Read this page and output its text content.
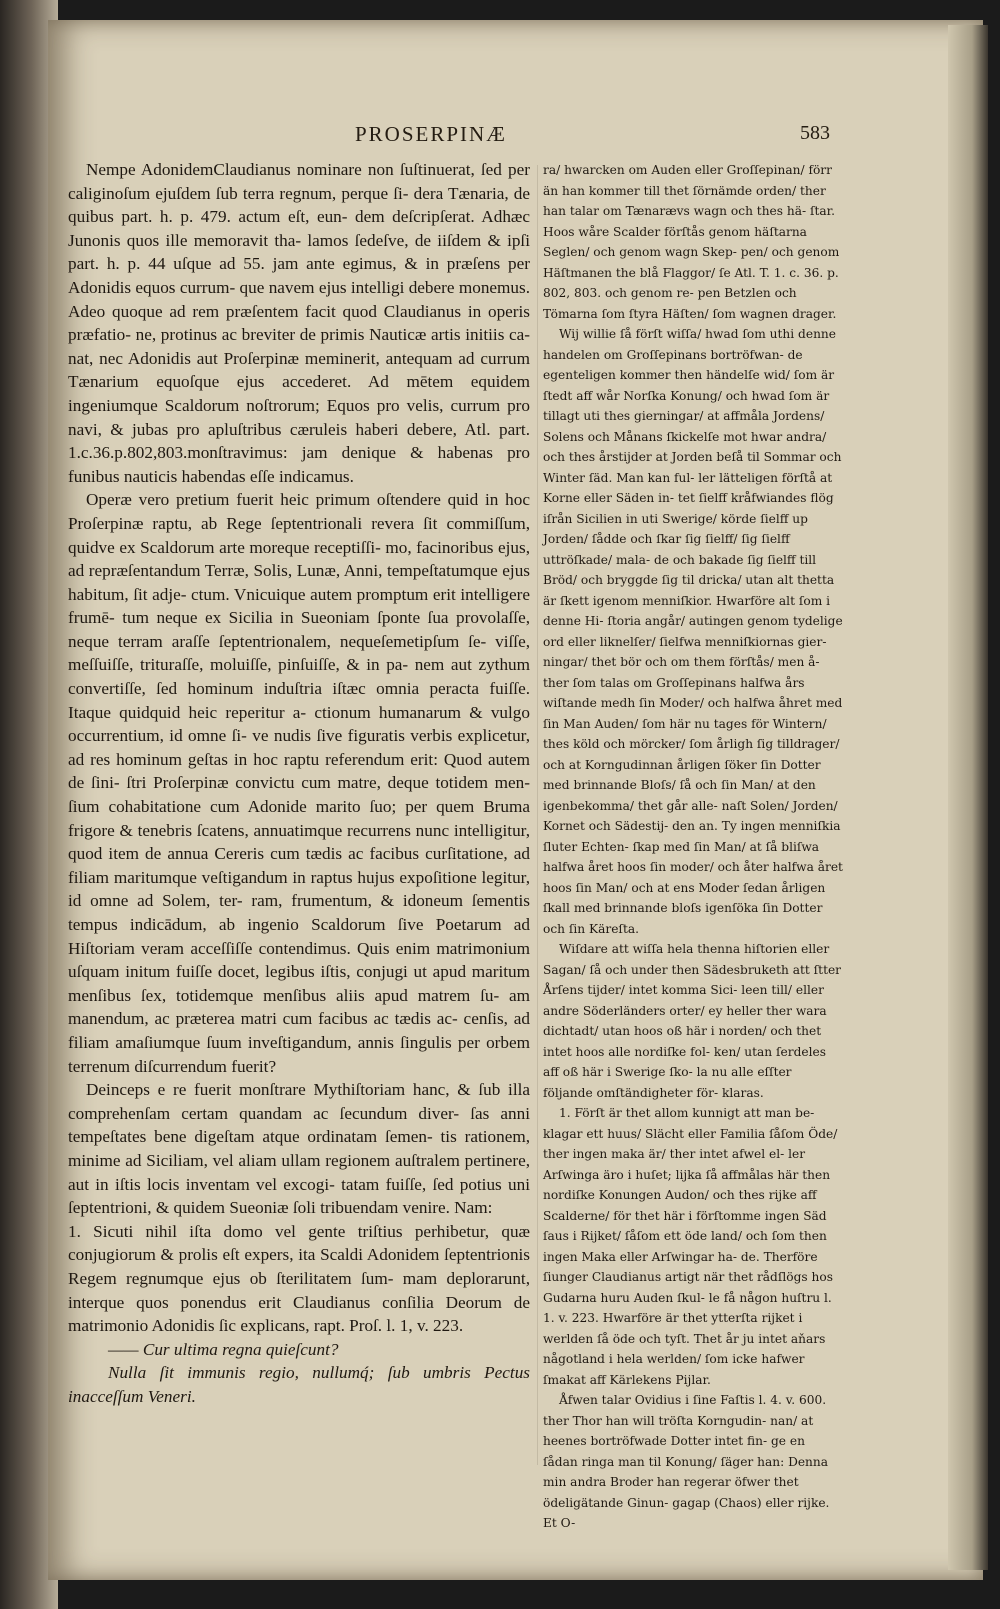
PROSERPINÆ	583

Nempe AdonidemClaudianus nominare non ſuſtinuerat, ſed per caliginoſum ejuſdem ſub terra regnum, perque ſi- dera Tænaria, de quibus part. h. p. 479. actum eſt, eun- dem deſcripſerat. Adhæc Junonis quos ille memoravit tha- lamos ſedeſve, de iiſdem & ipſi part. h. p. 44 uſque ad 55. jam ante egimus, & in præſens per Adonidis equos currum- que navem ejus intelligi debere monemus. Adeo quoque ad rem præſentem facit quod Claudianus in operis præfatio- ne, protinus ac breviter de primis Nauticæ artis initiis ca- nat, nec Adonidis aut Proſerpinæ meminerit, antequam ad currum Tænarium equoſque ejus accederet. Ad mētem equidem ingeniumque Scaldorum noſtrorum; Equos pro velis, currum pro navi, & jubas pro apluſtribus cæruleis haberi debere, Atl. part. 1.c.36.p.802,803.monſtravimus: jam denique & habenas pro funibus nauticis habendas eſſe indicamus.

Operæ vero pretium fuerit heic primum oſtendere quid in hoc Proſerpinæ raptu, ab Rege ſeptentrionali revera ſit commiſſum, quidve ex Scaldorum arte moreque receptiſſi- mo, facinoribus ejus, ad repræſentandum Terræ, Solis, Lunæ, Anni, tempeſtatumque ejus habitum, ſit adje- ctum. Vnicuique autem promptum erit intelligere frumē- tum neque ex Sicilia in Sueoniam ſponte ſua provolaſſe, neque terram araſſe ſeptentrionalem, nequeſemetipſum ſe- viſſe, meſſuiſſe, trituraſſe, moluiſſe, pinſuiſſe, & in pa- nem aut zythum convertiſſe, ſed hominum induſtria iſtæc omnia peracta fuiſſe. Itaque quidquid heic reperitur a- ctionum humanarum & vulgo occurrentium, id omne ſi- ve nudis ſive figuratis verbis explicetur, ad res hominum geſtas in hoc raptu referendum erit: Quod autem de ſini- ſtri Proſerpinæ convictu cum matre, deque totidem men- ſium cohabitatione cum Adonide marito ſuo; per quem Bruma frigore & tenebris ſcatens, annuatimque recurrens nunc intelligitur, quod item de annua Cereris cum tædis ac facibus curſitatione, ad filiam maritumque veſtigandum in raptus hujus expoſitione legitur, id omne ad Solem, ter- ram, frumentum, & idoneum ſementis tempus indicādum, ab ingenio Scaldorum ſive Poetarum ad Hiſtoriam veram acceſſiſſe contendimus. Quis enim matrimonium uſquam initum fuiſſe docet, legibus iſtis, conjugi ut apud maritum menſibus ſex, totidemque menſibus aliis apud matrem ſu- am manendum, ac præterea matri cum facibus ac tædis ac- cenſis, ad filiam amaſiumque ſuum inveſtigandum, annis ſingulis per orbem terrenum diſcurrendum fuerit?

Deinceps e re fuerit monſtrare Mythiſtoriam hanc, & ſub illa comprehenſam certam quandam ac ſecundum diver- ſas anni tempeſtates bene digeſtam atque ordinatam ſemen- tis rationem, minime ad Siciliam, vel aliam ullam regionem auſtralem pertinere, aut in iſtis locis inventam vel excogi- tatam fuiſſe, ſed potius uni ſeptentrioni, & quidem Sueoniæ ſoli tribuendam venire. Nam:

1. Sicuti nihil iſta domo vel gente triſtius perhibetur, quæ conjugiorum & prolis eſt expers, ita Scaldi Adonidem ſeptentrionis Regem regnumque ejus ob ſterilitatem ſum- mam deplorarunt, interque quos ponendus erit Claudianus conſilia Deorum de matrimonio Adonidis ſic explicans, rapt. Proſ. l. 1, v. 223.

—— Cur ultima regna quieſcunt?

Nulla ſit immunis regio, nullumq́; ſub umbris Pectus inacceſſum Veneri.

ra/ hwarcken om Auden eller Groſſepinan/ förr än han kommer till thet ſörnämde orden/ ther han talar om Tænarævs wagn och thes hä- ſtar. Hoos wåre Scalder förſtås genom häſtarna Seglen/ och genom wagn Skep- pen/ och genom Häſtmanen the blå Flaggor/ ſe Atl. T. 1. c. 36. p. 802, 803. och genom re- pen Betzlen och Tömarna ſom ſtyra Häſten/ ſom wagnen drager.

Wij willie ſå förſt wiſſa/ hwad ſom uthi denne handelen om Groſſepinans bortröfwan- de egenteligen kommer then händelſe wid/ ſom är ſtedt aff wår Norſka Konung/ och hwad ſom är tillagt uti thes gierningar/ at affmåla Jordens/ Solens och Månans ſkickelſe mot hwar andra/ och thes årstijder at Jorden beſå til Sommar och Winter ſäd. Man kan ful- ler lätteligen förſtå at Korne eller Säden in- tet ſielff kråfwiandes flög iſrån Sicilien in uti Swerige/ körde ſielff up Jorden/ ſådde och ſkar ſig ſielff/ ſig ſielff uttröſkade/ mala- de och bakade ſig ſielff till Bröd/ och bryggde ſig til dricka/ utan alt thetta är ſkett igenom menniſkior. Hwarföre alt ſom i denne Hi- ſtoria angår/ autingen genom tydelige ord eller liknelſer/ ſielfwa menniſkiornas gier- ningar/ thet bör och om them förſtås/ men å- ther ſom talas om Groſſepinans halfwa års wiſtande medh ſin Moder/ och halfwa åhret med ſin Man Auden/ ſom här nu tages för Wintern/ thes köld och mörcker/ ſom årligh ſig tilldrager/ och at Korngudinnan årligen ſöker ſin Dotter med brinnande Bloſs/ ſå och ſin Man/ at den igenbekomma/ thet går alle- naſt Solen/ Jorden/ Kornet och Sädestij- den an. Ty ingen menniſkia ſluter Echten- ſkap med ſin Man/ at ſå bliſwa halfwa året hoos ſin moder/ och åter halfwa året hoos ſin Man/ och at ens Moder ſedan årligen ſkall med brinnande bloſs igenſöka ſin Dotter och ſin Käreſta.

Wiſdare att wiſſa hela thenna hiſtorien eller Sagan/ ſå och under then Sädesbruketh att ſtter Årſens tijder/ intet komma Sici- leen till/ eller andre Söderländers orter/ ey heller ther wara dichtadt/ utan hoos oß här i norden/ och thet intet hoos alle nordiſke fol- ken/ utan ſerdeles aff oß här i Swerige ſko- la nu alle eſſter följande omſtändigheter för- klaras.

1. Förſt är thet allom kunnigt att man be- klagar ett huus/ Slächt eller Familia ſåſom Öde/ ther ingen maka är/ ther intet afwel el- ler Arſwinga äro i huſet; lijka ſå affmålas här then nordiſke Konungen Audon/ och thes rijke aff Scalderne/ för thet här i förſtomme ingen Säd ſaus i Rijket/ ſåſom ett öde land/ och ſom then ingen Maka eller Arſwingar ha- de. Therföre ſiunger Claudianus artigt när thet rådſlögs hos Gudarna huru Auden ſkul- le få någon huſtru l. 1. v. 223. Hwarföre är thet ytterſta rijket i werlden ſå öde och tyſt. Thet år ju intet aňars någotland i hela werlden/ ſom icke hafwer ſmakat aff Kärlekens Pijlar.

Åfwen talar Ovidius i ſine Faſtis l. 4. v. 600. ther Thor han will tröſta Korngudin- nan/ at heenes bortröfwade Dotter intet fin- ge en ſådan ringa man til Konung/ ſäger han: Denna min andra Broder han regerar öfwer thet ödeligätande Ginun- gagap (Chaos) eller rijke. Et O-
